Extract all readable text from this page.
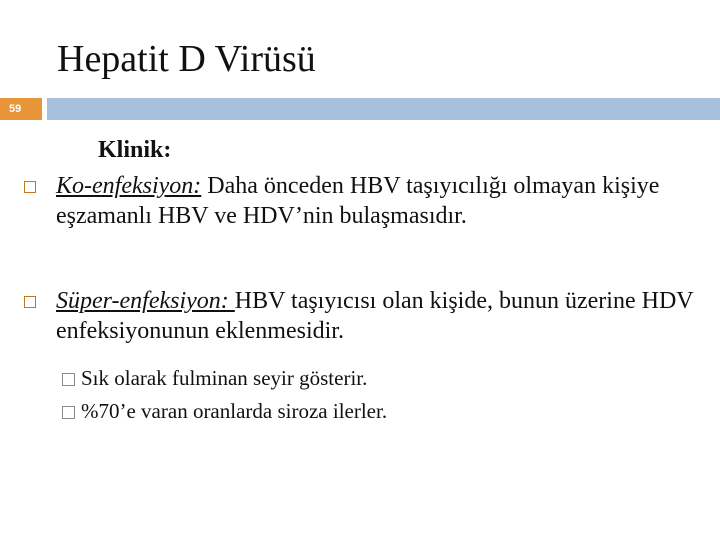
Hepatit D Virüsü
59
Klinik:
Ko-enfeksiyon: Daha önceden HBV taşıyıcılığı olmayan kişiye eşzamanlı HBV ve HDV’nin bulaşmasıdır.
Süper-enfeksiyon: HBV taşıyıcısı olan kişide, bunun üzerine HDV enfeksiyonunun eklenmesidir.
Sık olarak fulminan seyir gösterir.
%70’e varan oranlarda siroza ilerler.
